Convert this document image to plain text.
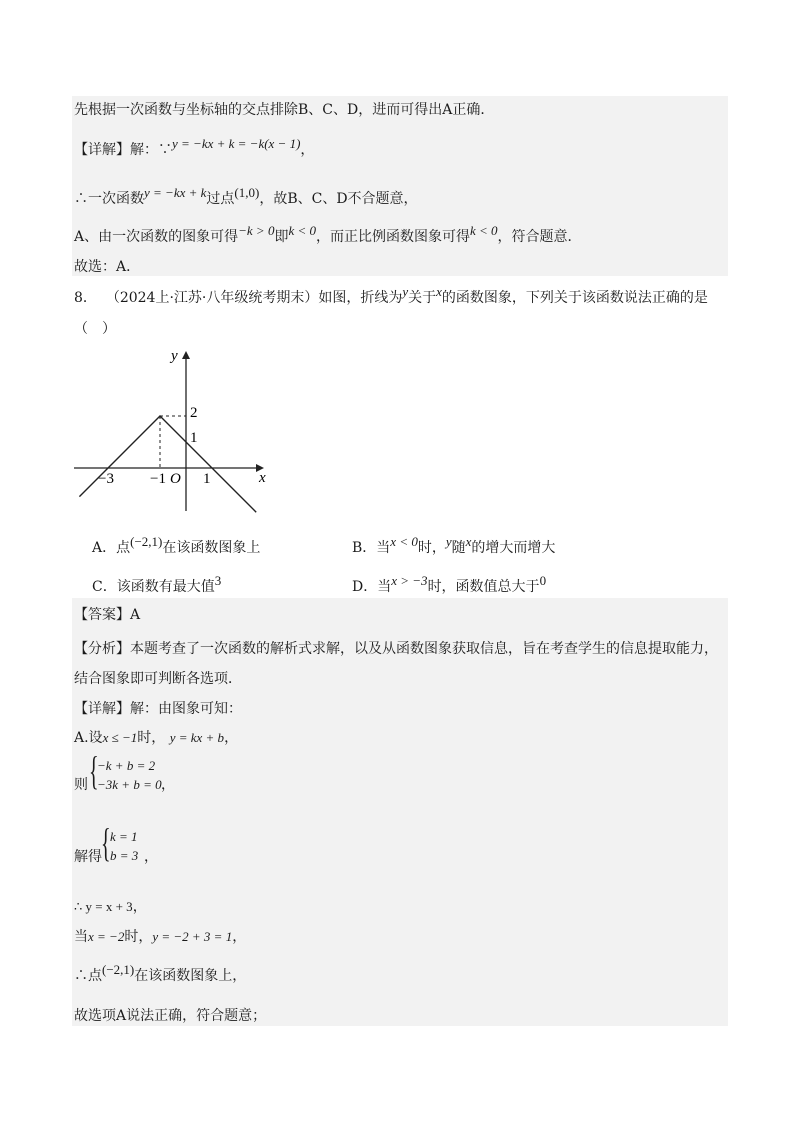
先根据一次函数与坐标轴的交点排除B、C、D，进而可得出A正确．
【详解】解：∵y = −kx + k = −k(x − 1)，
∴一次函数y = −kx + k过点(1,0)，故B、C、D不合题意，
A、由一次函数的图象可得−k > 0即k < 0，而正比例函数图象可得k < 0，符合题意．
故选：A．
8． （2024上·江苏·八年级统考期末）如图，折线为y关于x的函数图象，下列关于该函数说法正确的是
（　）
y
x
O
−3 −1 1
2
1
A．点(−2,1)在该函数图象上	B．当x < 0时，y随x的增大而增大
C．该函数有最大值3	D．当x > −3时，函数值总大于0
【答案】A
【分析】本题考查了一次函数的解析式求解，以及从函数图象获取信息，旨在考查学生的信息提取能力，
结合图象即可判断各选项．
【详解】解：由图象可知：
A.设x ≤ −1时， y = kx + b，
则 {
−k + b = 2
−3k + b = 0 ，
解得 { k = 1
b = 3 ，
∴ y = x + 3，
当x = −2时，y = −2 + 3 = 1，
∴点(−2,1)在该函数图象上，
故选项A说法正确，符合题意；
